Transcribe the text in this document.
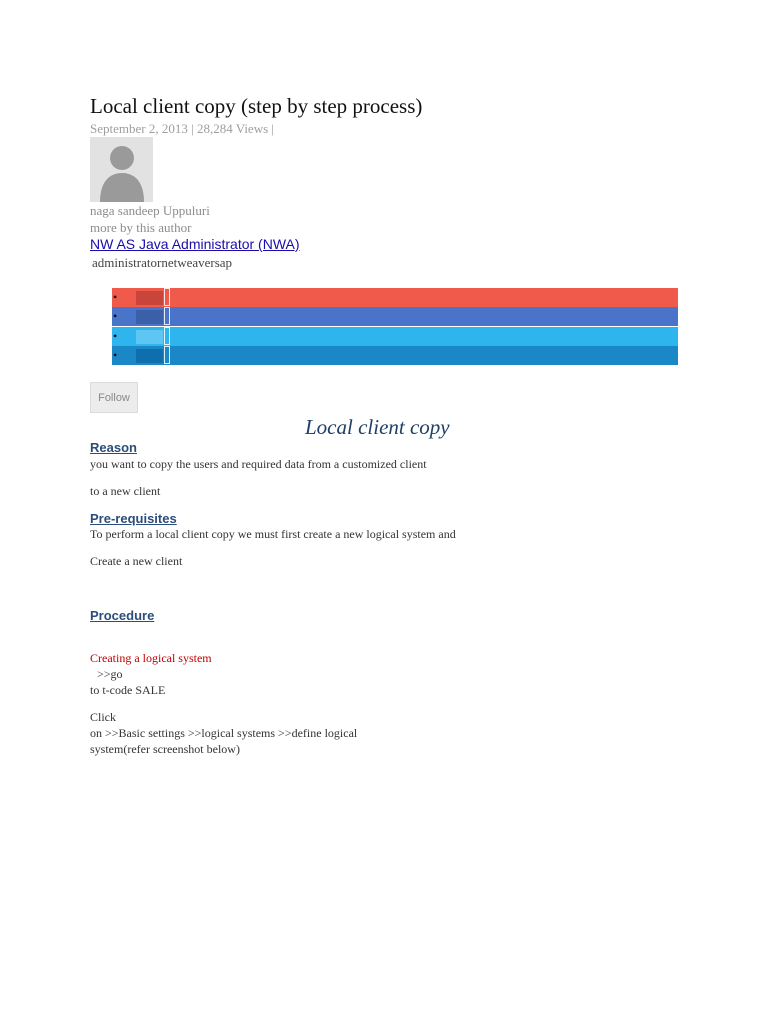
Local client copy (step by step process)
September 2, 2013 | 28,284 Views |
naga sandeep Uppuluri
more by this author
NW AS Java Administrator (NWA)
administratornetweaversap
•
•
•
•
Follow
Local client copy
Reason
you want to copy the users and required data from a customized client
to a new client
Pre-requisites
To perform a local client copy we must first create a new logical system and
Create a new client
Procedure
Creating a logical system
>>go
to t-code SALE
Click
on >>Basic settings >>logical systems >>define logical
system(refer screenshot below)
